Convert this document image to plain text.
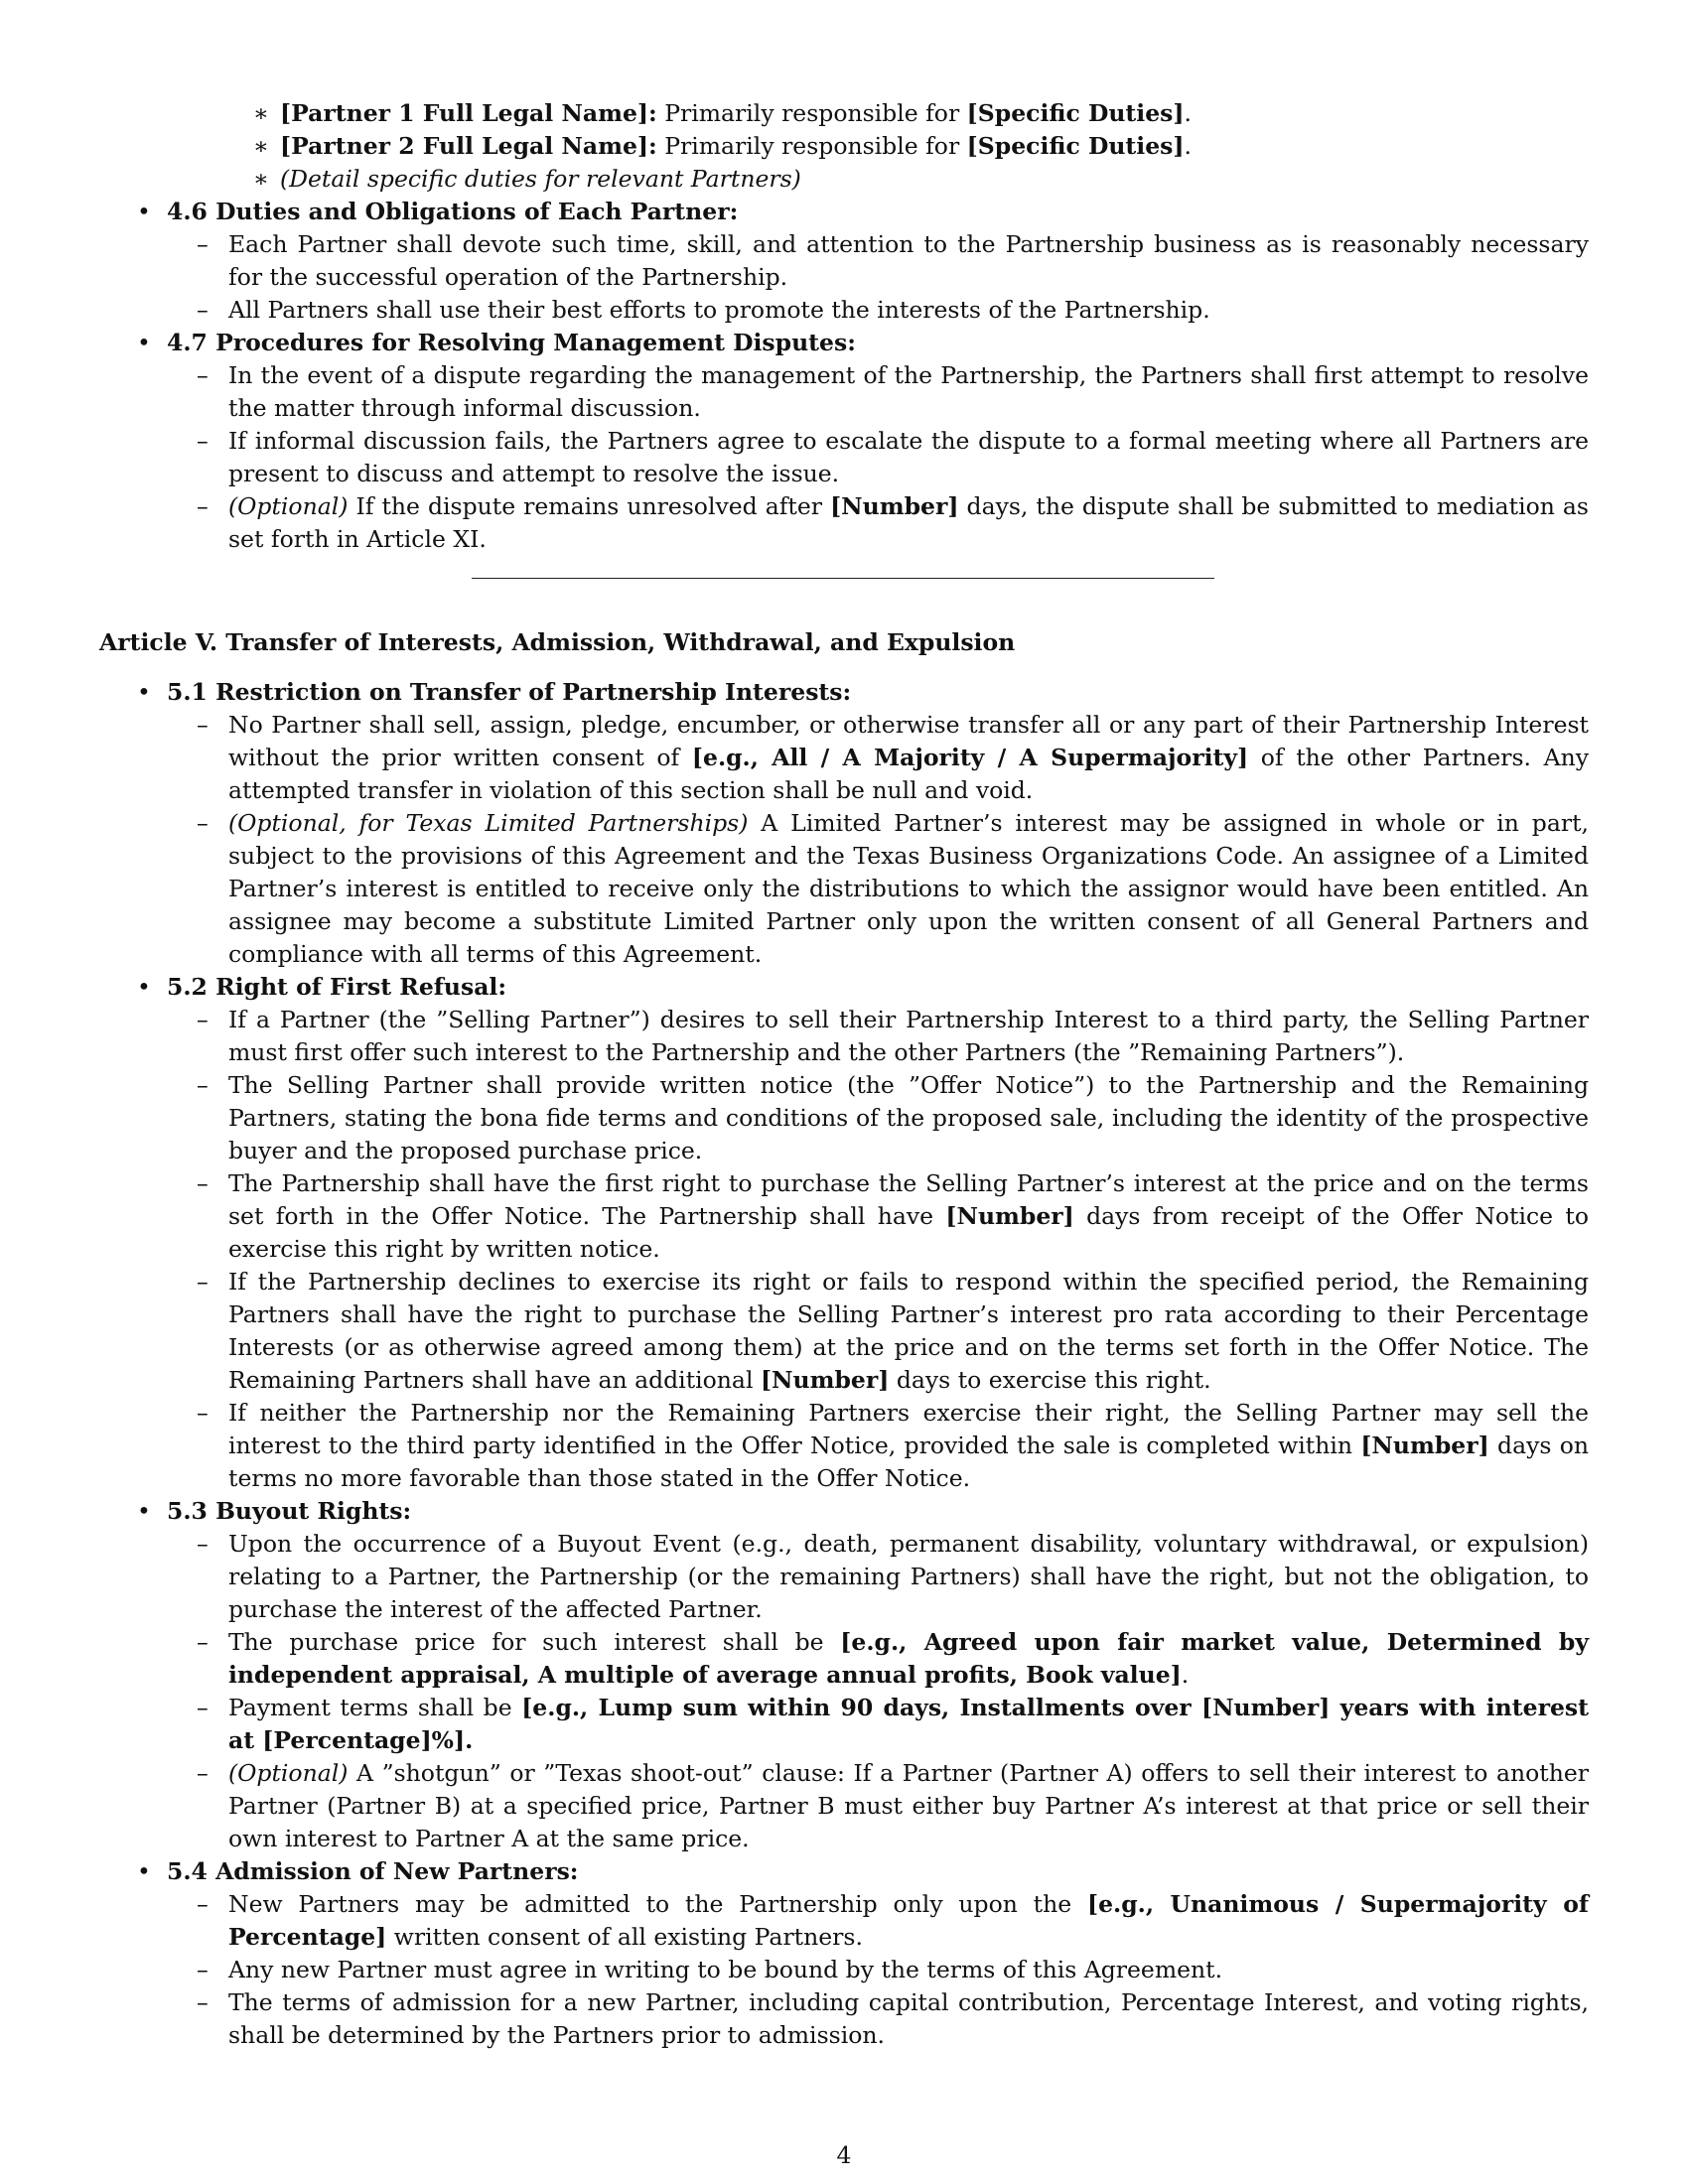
∗ [Partner 1 Full Legal Name]: Primarily responsible for [Specific Duties].
∗ [Partner 2 Full Legal Name]: Primarily responsible for [Specific Duties].
∗ (Detail specific duties for relevant Partners)
• 4.6 Duties and Obligations of Each Partner:
– Each Partner shall devote such time, skill, and attention to the Partnership business as is reasonably necessary for the successful operation of the Partnership.
– All Partners shall use their best efforts to promote the interests of the Partnership.
• 4.7 Procedures for Resolving Management Disputes:
– In the event of a dispute regarding the management of the Partnership, the Partners shall first attempt to resolve the matter through informal discussion.
– If informal discussion fails, the Partners agree to escalate the dispute to a formal meeting where all Partners are present to discuss and attempt to resolve the issue.
– (Optional) If the dispute remains unresolved after [Number] days, the dispute shall be submitted to mediation as set forth in Article XI.
Article V. Transfer of Interests, Admission, Withdrawal, and Expulsion
• 5.1 Restriction on Transfer of Partnership Interests:
– No Partner shall sell, assign, pledge, encumber, or otherwise transfer all or any part of their Partnership Interest without the prior written consent of [e.g., All / A Majority / A Supermajority] of the other Partners. Any attempted transfer in violation of this section shall be null and void.
– (Optional, for Texas Limited Partnerships) A Limited Partner’s interest may be assigned in whole or in part, subject to the provisions of this Agreement and the Texas Business Organizations Code. An assignee of a Limited Partner’s interest is entitled to receive only the distributions to which the assignor would have been entitled. An assignee may become a substitute Limited Partner only upon the written consent of all General Partners and compliance with all terms of this Agreement.
• 5.2 Right of First Refusal:
– If a Partner (the ”Selling Partner”) desires to sell their Partnership Interest to a third party, the Selling Partner must first offer such interest to the Partnership and the other Partners (the ”Remaining Partners”).
– The Selling Partner shall provide written notice (the ”Offer Notice”) to the Partnership and the Remaining Partners, stating the bona fide terms and conditions of the proposed sale, including the identity of the prospective buyer and the proposed purchase price.
– The Partnership shall have the first right to purchase the Selling Partner’s interest at the price and on the terms set forth in the Offer Notice. The Partnership shall have [Number] days from receipt of the Offer Notice to exercise this right by written notice.
– If the Partnership declines to exercise its right or fails to respond within the specified period, the Remaining Partners shall have the right to purchase the Selling Partner’s interest pro rata according to their Percentage Interests (or as otherwise agreed among them) at the price and on the terms set forth in the Offer Notice. The Remaining Partners shall have an additional [Number] days to exercise this right.
– If neither the Partnership nor the Remaining Partners exercise their right, the Selling Partner may sell the interest to the third party identified in the Offer Notice, provided the sale is completed within [Number] days on terms no more favorable than those stated in the Offer Notice.
• 5.3 Buyout Rights:
– Upon the occurrence of a Buyout Event (e.g., death, permanent disability, voluntary withdrawal, or expulsion) relating to a Partner, the Partnership (or the remaining Partners) shall have the right, but not the obligation, to purchase the interest of the affected Partner.
– The purchase price for such interest shall be [e.g., Agreed upon fair market value, Determined by independent appraisal, A multiple of average annual profits, Book value].
– Payment terms shall be [e.g., Lump sum within 90 days, Installments over [Number] years with interest at [Percentage]%].
– (Optional) A ”shotgun” or ”Texas shoot-out” clause: If a Partner (Partner A) offers to sell their interest to another Partner (Partner B) at a specified price, Partner B must either buy Partner A’s interest at that price or sell their own interest to Partner A at the same price.
• 5.4 Admission of New Partners:
– New Partners may be admitted to the Partnership only upon the [e.g., Unanimous / Supermajority of Percentage] written consent of all existing Partners.
– Any new Partner must agree in writing to be bound by the terms of this Agreement.
– The terms of admission for a new Partner, including capital contribution, Percentage Interest, and voting rights, shall be determined by the Partners prior to admission.
4
